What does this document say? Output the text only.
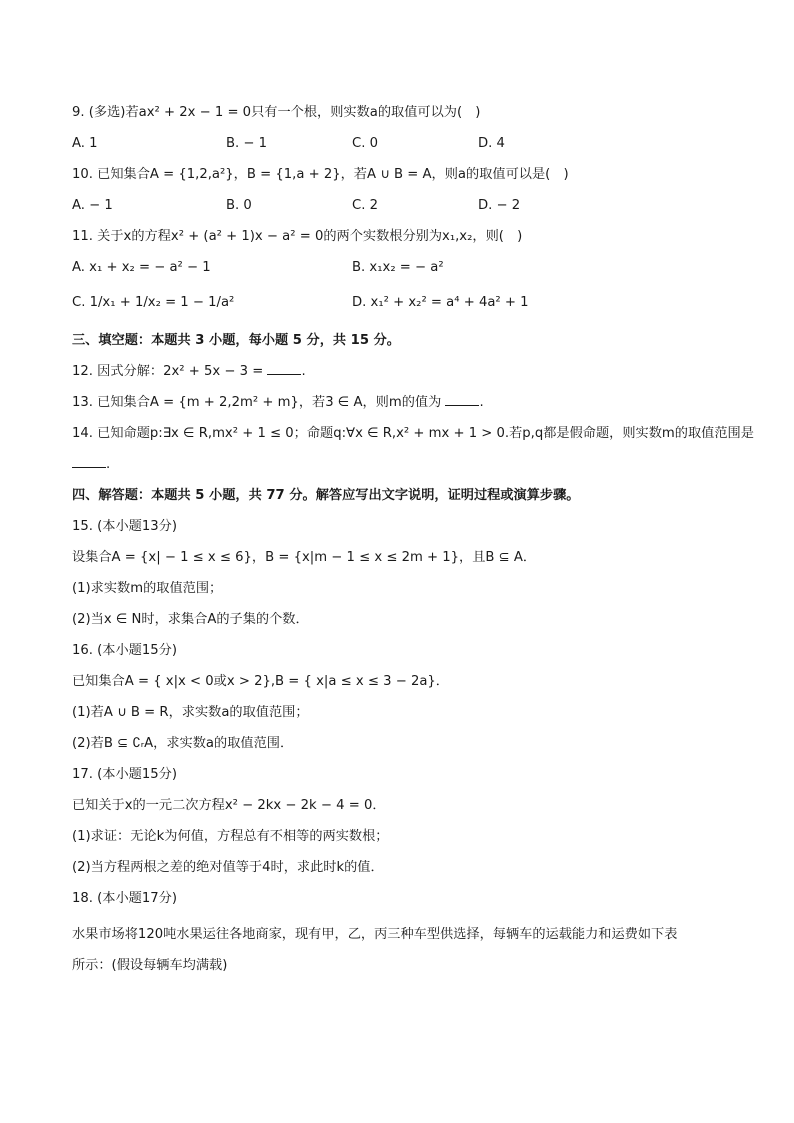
9. (多选)若ax² + 2x − 1 = 0只有一个根，则实数a的取值可以为(　)
A. 1	B. − 1	C. 0	D. 4
10. 已知集合A = {1,2,a²}，B = {1,a + 2}，若A ∪ B = A，则a的取值可以是(　)
A. − 1	B. 0	C. 2	D. − 2
11. 关于x的方程x² + (a² + 1)x − a² = 0的两个实数根分别为x₁,x₂，则(　)
A. x₁ + x₂ = − a² − 1	B. x₁x₂ = − a²
C. 1/x₁ + 1/x₂ = 1 − 1/a²	D. x₁² + x₂² = a⁴ + 4a² + 1
三、填空题：本题共 3 小题，每小题 5 分，共 15 分。
12. 因式分解：2x² + 5x − 3 =	.
13. 已知集合A = {m + 2,2m² + m}，若3 ∈ A，则m的值为	.
14. 已知命题p:∃x ∈ R,mx² + 1 ≤ 0；命题q:∀x ∈ R,x² + mx + 1 > 0.若p,q都是假命题，则实数m的取值范围是
.
四、解答题：本题共 5 小题，共 77 分。解答应写出文字说明，证明过程或演算步骤。
15. (本小题13分)
设集合A = {x| − 1 ≤ x ≤ 6}，B = {x|m − 1 ≤ x ≤ 2m + 1}，且B ⊆ A．
(1)求实数m的取值范围；
(2)当x ∈ N时，求集合A的子集的个数．
16. (本小题15分)
已知集合A = { x|x < 0或x > 2},B = { x|a ≤ x ≤ 3 − 2a}．
(1)若A ∪ B = R，求实数a的取值范围；
(2)若B ⊆ ∁ᵣA，求实数a的取值范围．
17. (本小题15分)
已知关于x的一元二次方程x² − 2kx − 2k − 4 = 0．
(1)求证：无论k为何值，方程总有不相等的两实数根；
(2)当方程两根之差的绝对值等于4时，求此时k的值．
18. (本小题17分)
水果市场将120吨水果运往各地商家，现有甲，乙，丙三种车型供选择，每辆车的运载能力和运费如下表
所示：(假设每辆车均满载)
